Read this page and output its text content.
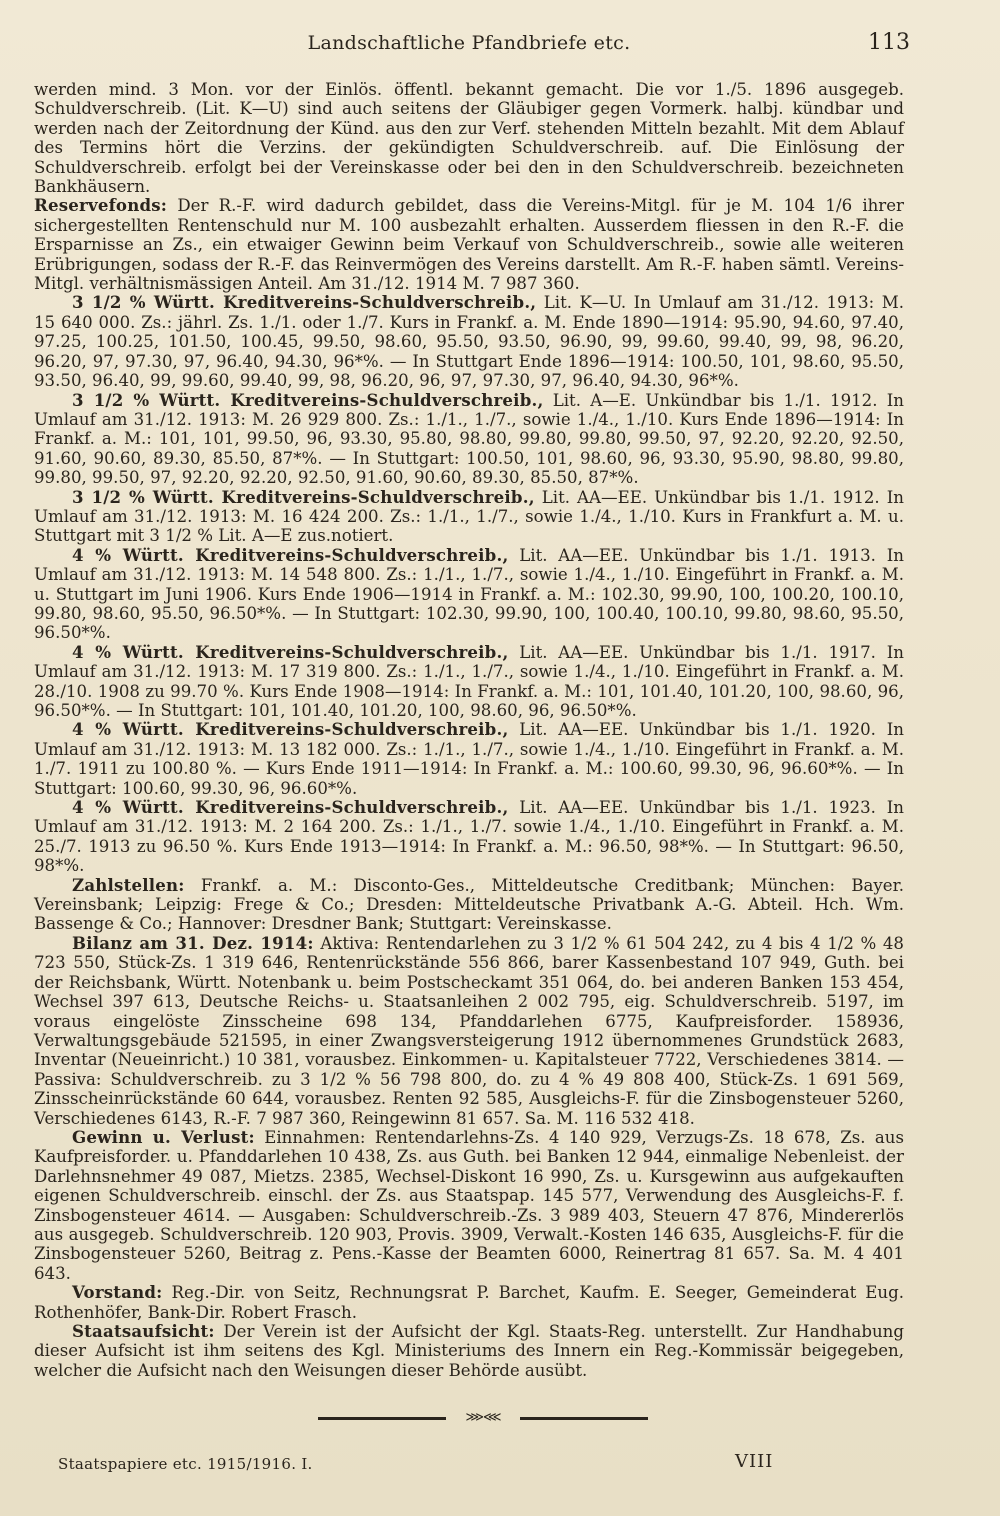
Landschaftliche Pfandbriefe etc.	113

werden mind. 3 Mon. vor der Einlös. öffentl. bekannt gemacht. Die vor 1./5. 1896 ausgegeb. Schuldverschreib. (Lit. K—U) sind auch seitens der Gläubiger gegen Vormerk. halbj. kündbar und werden nach der Zeitordnung der Künd. aus den zur Verf. stehenden Mitteln bezahlt. Mit dem Ablauf des Termins hört die Verzins. der gekündigten Schuldverschreib. auf. Die Einlösung der Schuldverschreib. erfolgt bei der Vereinskasse oder bei den in den Schuldverschreib. bezeichneten Bankhäusern.

Reservefonds: Der R.-F. wird dadurch gebildet, dass die Vereins-Mitgl. für je M. 104 1/6 ihrer sichergestellten Rentenschuld nur M. 100 ausbezahlt erhalten. Ausserdem fliessen in den R.-F. die Ersparnisse an Zs., ein etwaiger Gewinn beim Verkauf von Schuldverschreib., sowie alle weiteren Erübrigungen, sodass der R.-F. das Reinvermögen des Vereins darstellt. Am R.-F. haben sämtl. Vereins-Mitgl. verhältnismässigen Anteil. Am 31./12. 1914 M. 7 987 360.

3 1/2 % Württ. Kreditvereins-Schuldverschreib., Lit. K—U. In Umlauf am 31./12. 1913: M. 15 640 000. Zs.: jährl. Zs. 1./1. oder 1./7. Kurs in Frankf. a. M. Ende 1890—1914: 95.90, 94.60, 97.40, 97.25, 100.25, 101.50, 100.45, 99.50, 98.60, 95.50, 93.50, 96.90, 99, 99.60, 99.40, 99, 98, 96.20, 96.20, 97, 97.30, 97, 96.40, 94.30, 96*%. — In Stuttgart Ende 1896—1914: 100.50, 101, 98.60, 95.50, 93.50, 96.40, 99, 99.60, 99.40, 99, 98, 96.20, 96, 97, 97.30, 97, 96.40, 94.30, 96*%.

3 1/2 % Württ. Kreditvereins-Schuldverschreib., Lit. A—E. Unkündbar bis 1./1. 1912. In Umlauf am 31./12. 1913: M. 26 929 800. Zs.: 1./1., 1./7., sowie 1./4., 1./10. Kurs Ende 1896—1914: In Frankf. a. M.: 101, 101, 99.50, 96, 93.30, 95.80, 98.80, 99.80, 99.80, 99.50, 97, 92.20, 92.20, 92.50, 91.60, 90.60, 89.30, 85.50, 87*%. — In Stuttgart: 100.50, 101, 98.60, 96, 93.30, 95.90, 98.80, 99.80, 99.80, 99.50, 97, 92.20, 92.20, 92.50, 91.60, 90.60, 89.30, 85.50, 87*%.

3 1/2 % Württ. Kreditvereins-Schuldverschreib., Lit. AA—EE. Unkündbar bis 1./1. 1912. In Umlauf am 31./12. 1913: M. 16 424 200. Zs.: 1./1., 1./7., sowie 1./4., 1./10. Kurs in Frankfurt a. M. u. Stuttgart mit 3 1/2 % Lit. A—E zus.notiert.

4 % Württ. Kreditvereins-Schuldverschreib., Lit. AA—EE. Unkündbar bis 1./1. 1913. In Umlauf am 31./12. 1913: M. 14 548 800. Zs.: 1./1., 1./7., sowie 1./4., 1./10. Eingeführt in Frankf. a. M. u. Stuttgart im Juni 1906. Kurs Ende 1906—1914 in Frankf. a. M.: 102.30, 99.90, 100, 100.20, 100.10, 99.80, 98.60, 95.50, 96.50*%. — In Stuttgart: 102.30, 99.90, 100, 100.40, 100.10, 99.80, 98.60, 95.50, 96.50*%.

4 % Württ. Kreditvereins-Schuldverschreib., Lit. AA—EE. Unkündbar bis 1./1. 1917. In Umlauf am 31./12. 1913: M. 17 319 800. Zs.: 1./1., 1./7., sowie 1./4., 1./10. Eingeführt in Frankf. a. M. 28./10. 1908 zu 99.70 %. Kurs Ende 1908—1914: In Frankf. a. M.: 101, 101.40, 101.20, 100, 98.60, 96, 96.50*%. — In Stuttgart: 101, 101.40, 101.20, 100, 98.60, 96, 96.50*%.

4 % Württ. Kreditvereins-Schuldverschreib., Lit. AA—EE. Unkündbar bis 1./1. 1920. In Umlauf am 31./12. 1913: M. 13 182 000. Zs.: 1./1., 1./7., sowie 1./4., 1./10. Eingeführt in Frankf. a. M. 1./7. 1911 zu 100.80 %. — Kurs Ende 1911—1914: In Frankf. a. M.: 100.60, 99.30, 96, 96.60*%. — In Stuttgart: 100.60, 99.30, 96, 96.60*%.

4 % Württ. Kreditvereins-Schuldverschreib., Lit. AA—EE. Unkündbar bis 1./1. 1923. In Umlauf am 31./12. 1913: M. 2 164 200. Zs.: 1./1., 1./7. sowie 1./4., 1./10. Eingeführt in Frankf. a. M. 25./7. 1913 zu 96.50 %. Kurs Ende 1913—1914: In Frankf. a. M.: 96.50, 98*%. — In Stuttgart: 96.50, 98*%.

Zahlstellen: Frankf. a. M.: Disconto-Ges., Mitteldeutsche Creditbank; München: Bayer. Vereinsbank; Leipzig: Frege & Co.; Dresden: Mitteldeutsche Privatbank A.-G. Abteil. Hch. Wm. Bassenge & Co.; Hannover: Dresdner Bank; Stuttgart: Vereinskasse.

Bilanz am 31. Dez. 1914: Aktiva: Rentendarlehen zu 3 1/2 % 61 504 242, zu 4 bis 4 1/2 % 48 723 550, Stück-Zs. 1 319 646, Rentenrückstände 556 866, barer Kassenbestand 107 949, Guth. bei der Reichsbank, Württ. Notenbank u. beim Postscheckamt 351 064, do. bei anderen Banken 153 454, Wechsel 397 613, Deutsche Reichs- u. Staatsanleihen 2 002 795, eig. Schuldverschreib. 5197, im voraus eingelöste Zinsscheine 698 134, Pfanddarlehen 6775, Kaufpreisforder. 158936, Verwaltungsgebäude 521595, in einer Zwangsversteigerung 1912 übernommenes Grundstück 2683, Inventar (Neueinricht.) 10 381, vorausbez. Einkommen- u. Kapitalsteuer 7722, Verschiedenes 3814. — Passiva: Schuldverschreib. zu 3 1/2 % 56 798 800, do. zu 4 % 49 808 400, Stück-Zs. 1 691 569, Zinsscheinrückstände 60 644, vorausbez. Renten 92 585, Ausgleichs-F. für die Zinsbogensteuer 5260, Verschiedenes 6143, R.-F. 7 987 360, Reingewinn 81 657. Sa. M. 116 532 418.

Gewinn u. Verlust: Einnahmen: Rentendarlehns-Zs. 4 140 929, Verzugs-Zs. 18 678, Zs. aus Kaufpreisforder. u. Pfanddarlehen 10 438, Zs. aus Guth. bei Banken 12 944, einmalige Nebenleist. der Darlehnsnehmer 49 087, Mietzs. 2385, Wechsel-Diskont 16 990, Zs. u. Kursgewinn aus aufgekauften eigenen Schuldverschreib. einschl. der Zs. aus Staatspap. 145 577, Verwendung des Ausgleichs-F. f. Zinsbogensteuer 4614. — Ausgaben: Schuldverschreib.-Zs. 3 989 403, Steuern 47 876, Mindererlös aus ausgegeb. Schuldverschreib. 120 903, Provis. 3909, Verwalt.-Kosten 146 635, Ausgleichs-F. für die Zinsbogensteuer 5260, Beitrag z. Pens.-Kasse der Beamten 6000, Reinertrag 81 657. Sa. M. 4 401 643.

Vorstand: Reg.-Dir. von Seitz, Rechnungsrat P. Barchet, Kaufm. E. Seeger, Gemeinderat Eug. Rothenhöfer, Bank-Dir. Robert Frasch.

Staatsaufsicht: Der Verein ist der Aufsicht der Kgl. Staats-Reg. unterstellt. Zur Handhabung dieser Aufsicht ist ihm seitens des Kgl. Ministeriums des Innern ein Reg.-Kommissär beigegeben, welcher die Aufsicht nach den Weisungen dieser Behörde ausübt.

⋙⋘
Staatspapiere etc. 1915/1916. I.	VIII
